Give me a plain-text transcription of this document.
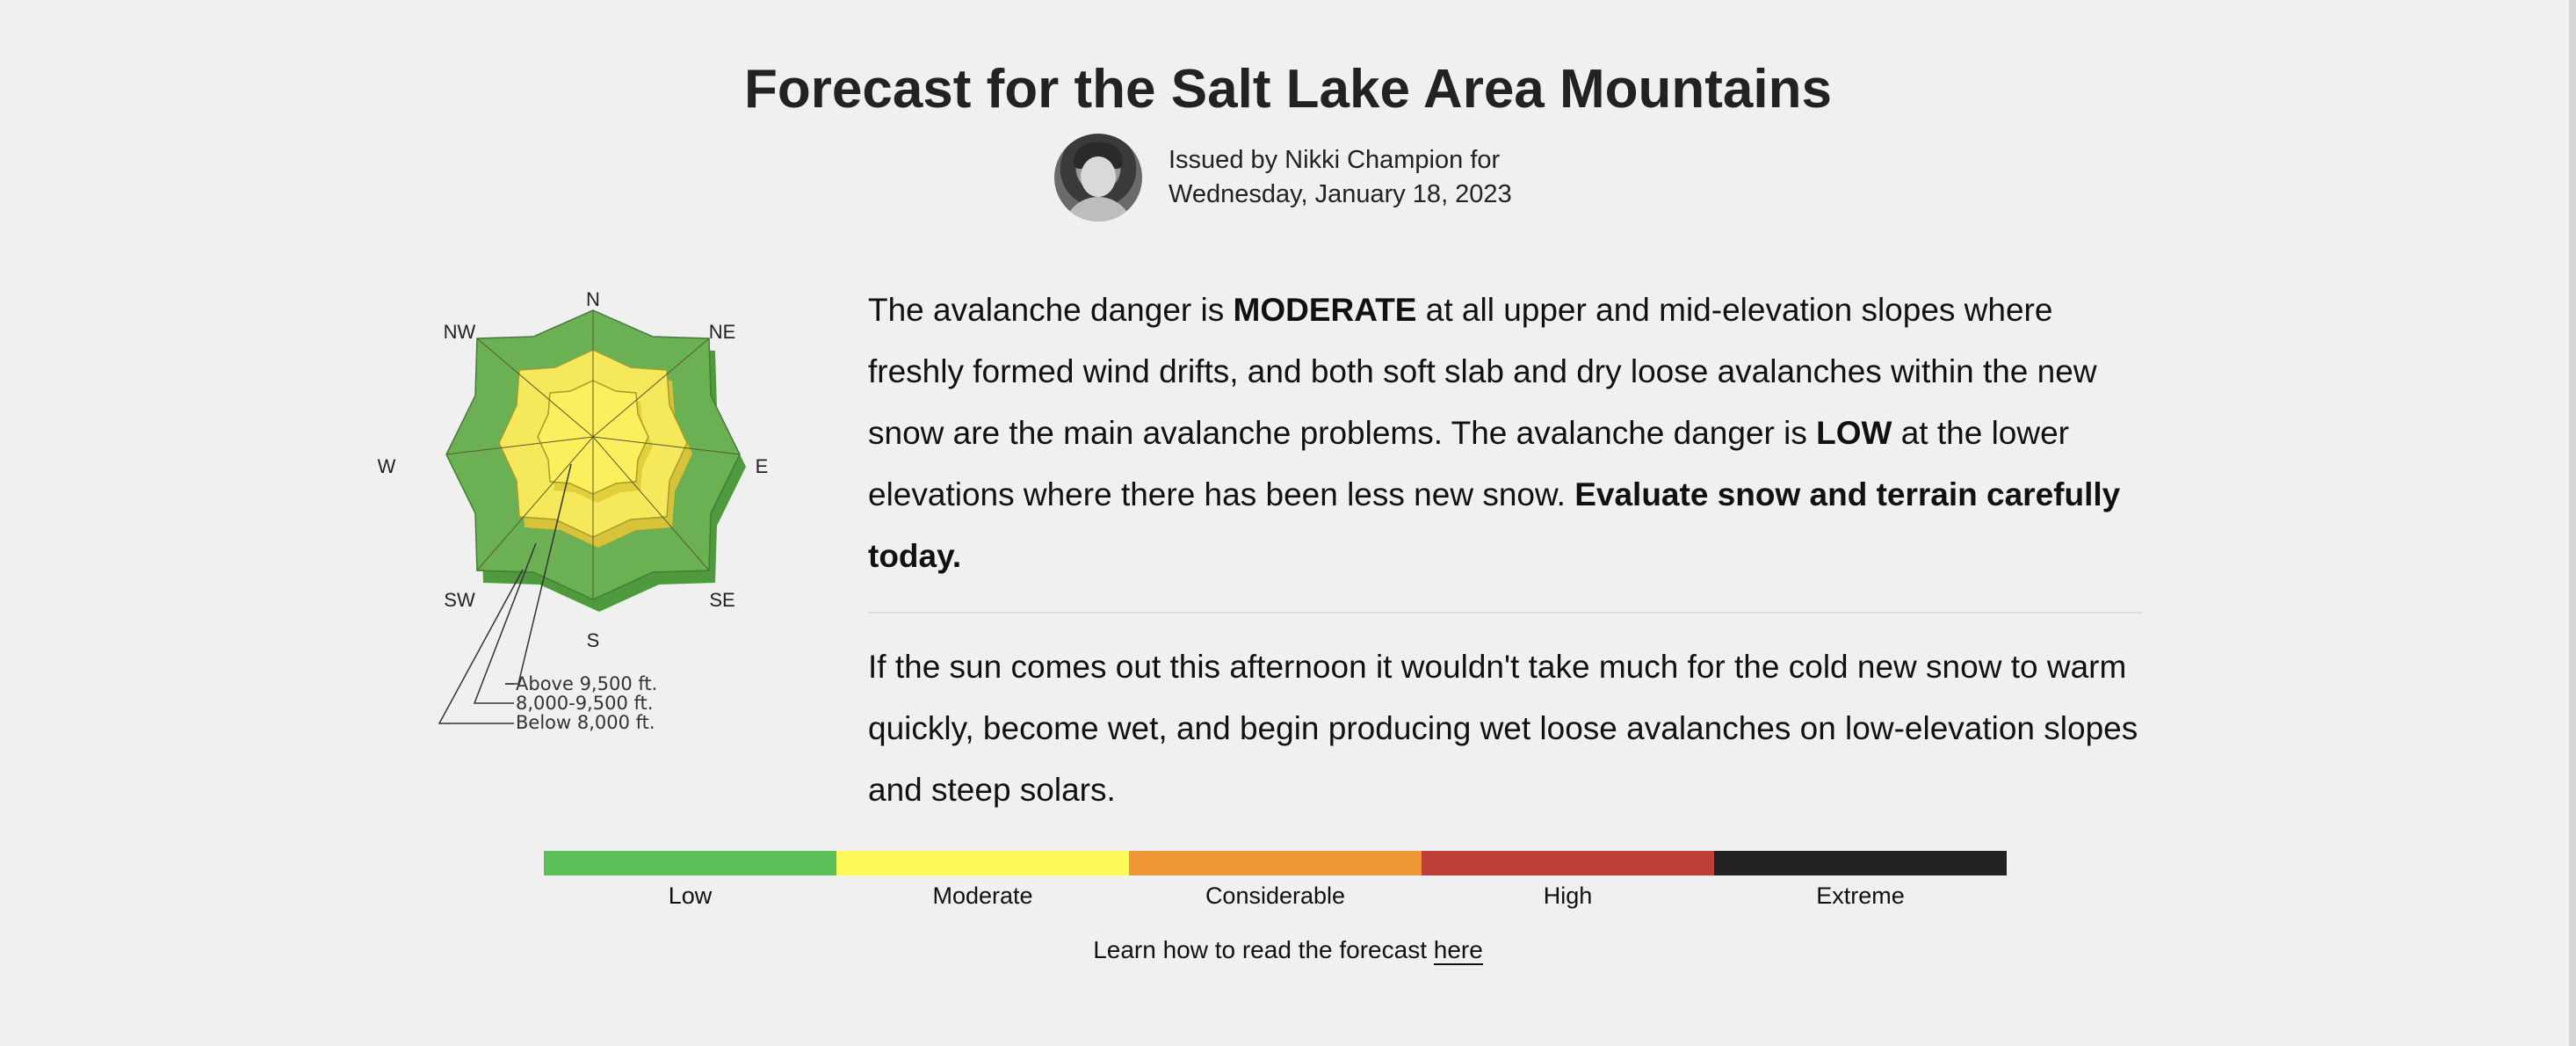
Forecast for the Salt Lake Area Mountains
Issued by Nikki Champion for
Wednesday, January 18, 2023
N
NE
E
SE
S
SW
W
NW
Above 9,500 ft.
8,000-9,500 ft.
Below 8,000 ft.

The avalanche danger is MODERATE at all upper and mid-elevation slopes where freshly formed wind drifts, and both soft slab and dry loose avalanches within the new snow are the main avalanche problems. The avalanche danger is LOW at the lower elevations where there has been less new snow. Evaluate snow and terrain carefully today.

If the sun comes out this afternoon it wouldn't take much for the cold new snow to warm quickly, become wet, and begin producing wet loose avalanches on low-elevation slopes and steep solars.

Low	Moderate	Considerable	High	Extreme
Learn how to read the forecast here
